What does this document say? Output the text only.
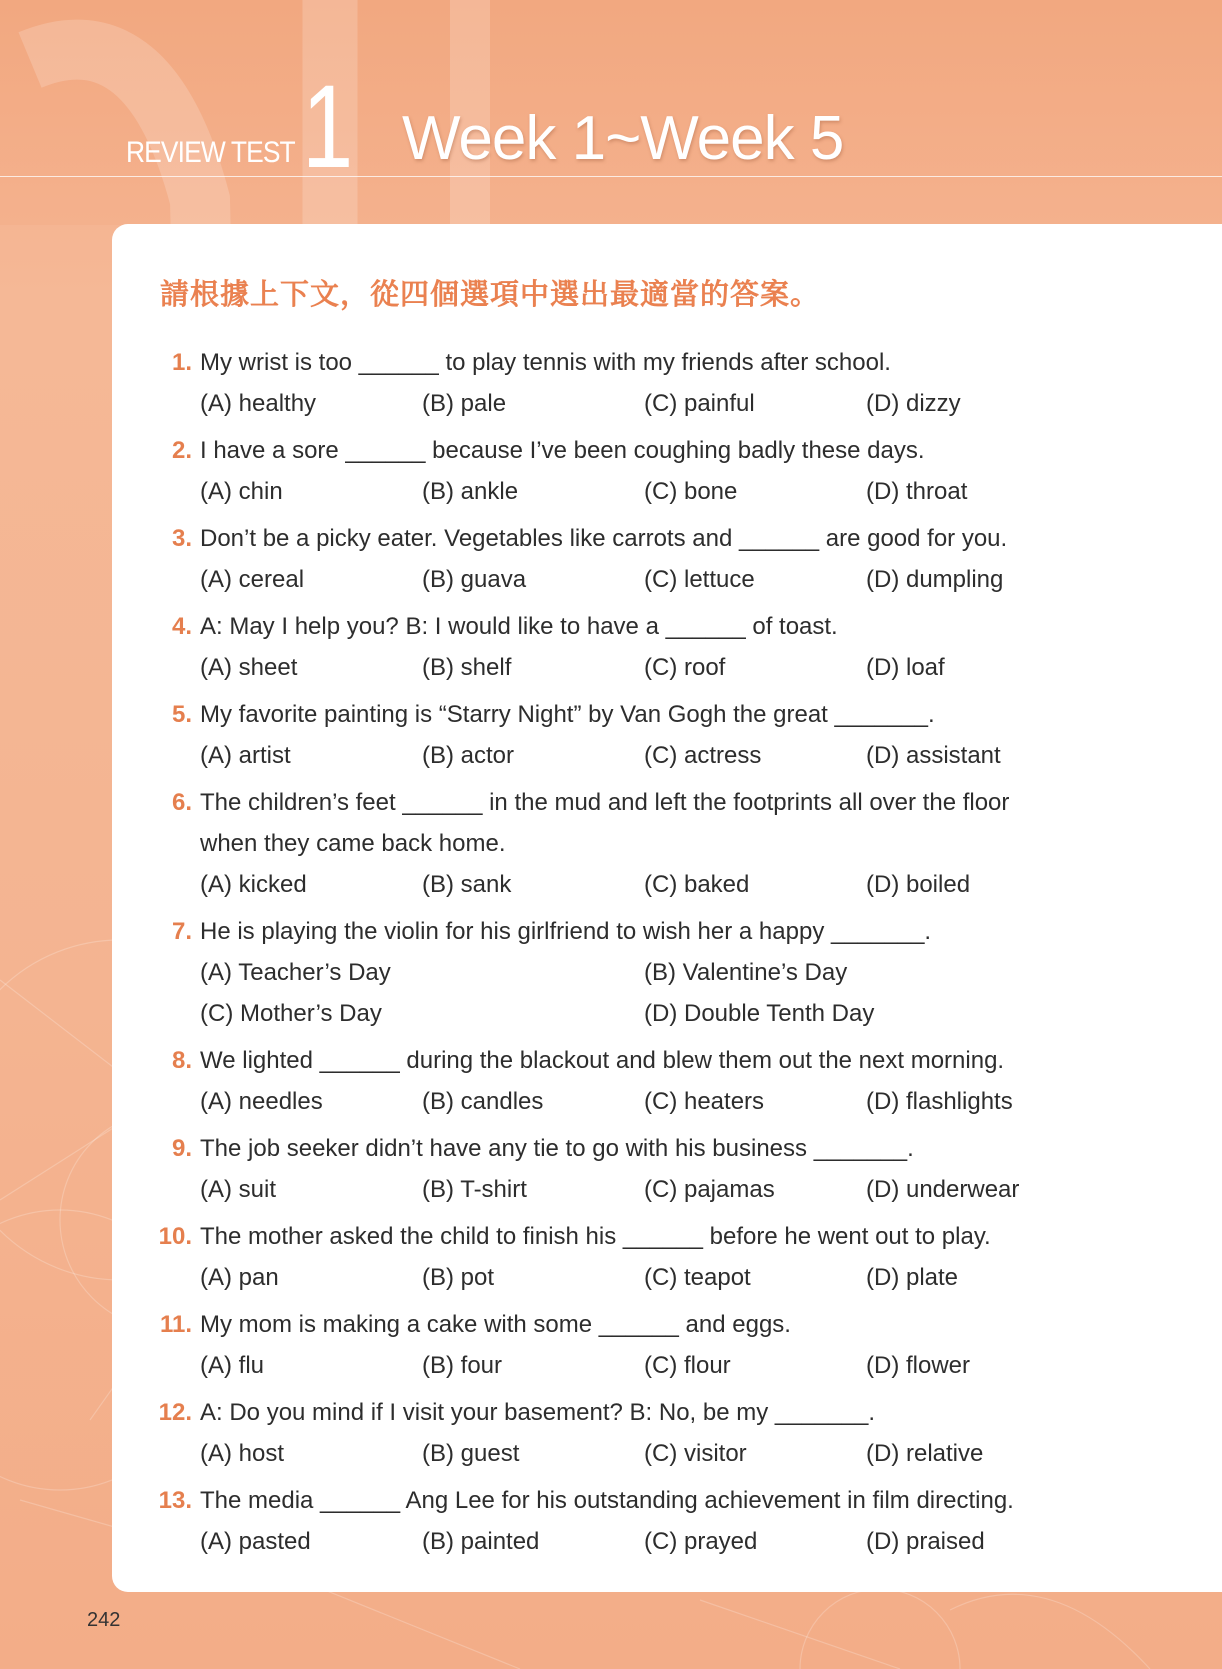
REVIEW TEST 1 Week 1~Week 5
請根據上下文，從四個選項中選出最適當的答案。
1. My wrist is too ______ to play tennis with my friends after school.
(A) healthy	(B) pale	(C) painful	(D) dizzy
2. I have a sore ______ because I’ve been coughing badly these days.
(A) chin	(B) ankle	(C) bone	(D) throat
3. Don’t be a picky eater. Vegetables like carrots and ______ are good for you.
(A) cereal	(B) guava	(C) lettuce	(D) dumpling
4. A: May I help you? B: I would like to have a ______ of toast.
(A) sheet	(B) shelf	(C) roof	(D) loaf
5. My favorite painting is “Starry Night” by Van Gogh the great _______.
(A) artist	(B) actor	(C) actress	(D) assistant
6. The children’s feet ______ in the mud and left the footprints all over the floor
when they came back home.
(A) kicked	(B) sank	(C) baked	(D) boiled
7. He is playing the violin for his girlfriend to wish her a happy _______.
(A) Teacher’s Day	(B) Valentine’s Day
(C) Mother’s Day	(D) Double Tenth Day
8. We lighted ______ during the blackout and blew them out the next morning.
(A) needles	(B) candles	(C) heaters	(D) flashlights
9. The job seeker didn’t have any tie to go with his business _______.
(A) suit	(B) T-shirt	(C) pajamas	(D) underwear
10. The mother asked the child to finish his ______ before he went out to play.
(A) pan	(B) pot	(C) teapot	(D) plate
11. My mom is making a cake with some ______ and eggs.
(A) flu	(B) four	(C) flour	(D) flower
12. A: Do you mind if I visit your basement? B: No, be my _______.
(A) host	(B) guest	(C) visitor	(D) relative
13. The media ______ Ang Lee for his outstanding achievement in film directing.
(A) pasted	(B) painted	(C) prayed	(D) praised
242
